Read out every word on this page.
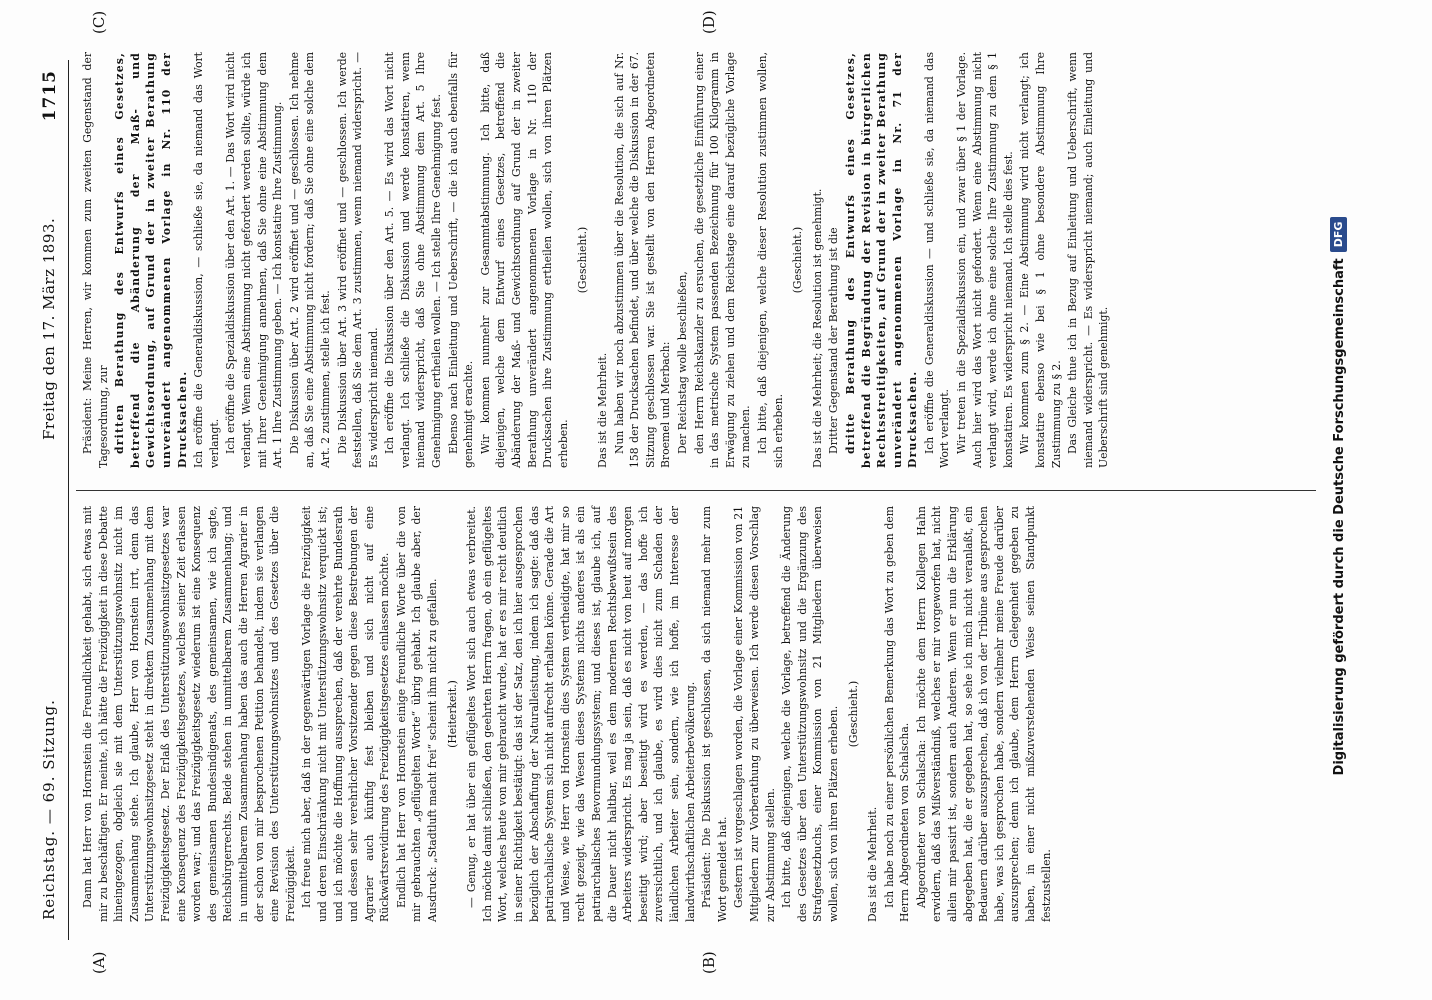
Reichstag. — 69. Sitzung.
Freitag den 17. März 1893.
1715
(A)	(B)
(C)	(D)

Dann hat Herr von Hornstein die Freundlichkeit gehabt, sich etwas mit mir zu beschäftigen. Er meinte, ich hätte die Freizügigkeit in diese Debatte hineingezogen, obgleich sie mit dem Unterstützungswohnsitz nicht im Zusammenhang stehe. Ich glaube, Herr von Hornstein irrt, denn das Unterstützungswohnsitzgesetz steht in direktem Zusammenhang mit dem Freizügigkeitsgesetz. Der Erlaß des Unterstützungswohnsitzgesetzes war eine Konsequenz des Freizügigkeitsgesetzes, welches seiner Zeit erlassen worden war; und das Freizügigkeitsgesetz wiederum ist eine Konsequenz des gemeinsamen Bundesindigenats, des gemeinsamen, wie ich sagte, Reichsbürgerrechts. Beide stehen in unmittelbarem Zusammenhang; und in unmittelbarem Zusammenhang haben das auch die Herren Agrarier in der schon von mir besprochenen Petition behandelt, indem sie verlangen eine Revision des Unterstützungswohnsitzes und des Gesetzes über die Freizügigkeit. Ich freue mich aber, daß in der gegenwärtigen Vorlage die Freizügigkeit und deren Einschränkung nicht mit Unterstützungswohnsitz verquickt ist; und ich möchte die Hoffnung aussprechen, daß der verehrte Bundesrath und dessen sehr verehrlicher Vorsitzender gegen diese Bestrebungen der Agrarier auch künftig fest bleiben und sich nicht auf eine Rückwärtsrevidirung des Freizügigkeitsgesetzes einlassen möchte. Endlich hat Herr von Hornstein einige freundliche Worte über die von mir gebrauchten „geflügelten Worte“ übrig gehabt. Ich glaube aber, der Ausdruck: „Stadtluft macht frei“ scheint ihm nicht zu gefallen. (Heiterkeit.) — Genug, er hat über ein geflügeltes Wort sich auch etwas verbreitet. Ich möchte damit schließen, den geehrten Herrn fragen, ob ein geflügeltes Wort, welches heute von mir gebraucht wurde, hat er es mir recht deutlich in seiner Richtigkeit bestätigt: das ist der Satz, den ich hier ausgesprochen bezüglich der Abschaffung der Naturalleistung, indem ich sagte: daß das patriarchalische System sich nicht aufrecht erhalten könne. Gerade die Art und Weise, wie Herr von Hornstein dies System vertheidigte, hat mir so recht gezeigt, wie das Wesen dieses Systems nichts anderes ist als ein patriarchalisches Bevormundungssystem; und dieses ist, glaube ich, auf die Dauer nicht haltbar, weil es dem modernen Rechtsbewußtsein des Arbeiters widerspricht. Es mag ja sein, daß es nicht von heut auf morgen beseitigt wird; aber beseitigt wird es werden, — das hoffe ich zuversichtlich, und ich glaube, es wird dies nicht zum Schaden der ländlichen Arbeiter sein, sondern, wie ich hoffe, im Interesse der landwirthschaftlichen Arbeiterbevölkerung. Präsident: Die Diskussion ist geschlossen, da sich niemand mehr zum Wort gemeldet hat. Gestern ist vorgeschlagen worden, die Vorlage einer Kommission von 21 Mitgliedern zur Vorberathung zu überweisen. Ich werde diesen Vorschlag zur Abstimmung stellen. Ich bitte, daß diejenigen, welche die Vorlage, betreffend die Änderung des Gesetzes über den Unterstützungswohnsitz und die Ergänzung des Strafgesetzbuchs, einer Kommission von 21 Mitgliedern überweisen wollen, sich von ihren Plätzen erheben. (Geschieht.)

Das ist die Mehrheit. Ich habe noch zu einer persönlichen Bemerkung das Wort zu geben dem Herrn Abgeordneten von Schalscha. Abgeordneter von Schalscha: Ich möchte dem Herrn Kollegen Hahn erwidern, daß das Mißverständniß, welches er mir vorgeworfen hat, nicht allein mir passirt ist, sondern auch Anderen. Wenn er nun die Erklärung abgegeben hat, die er gegeben hat, so sehe ich mich nicht veranlaßt, ein Bedauern darüber auszusprechen, daß ich von der Tribüne aus gesprochen habe, was ich gesprochen habe, sondern vielmehr meine Freude darüber auszusprechen; denn ich glaube, dem Herrn Gelegenheit gegeben zu haben, in einer nicht mißzuverstehenden Weise seinen Standpunkt festzustellen.

Präsident: Meine Herren, wir kommen zum zweiten Gegenstand der Tagesordnung, zur dritten Berathung des Entwurfs eines Gesetzes, betreffend die Abänderung der Maß- und Gewichtsordnung, auf Grund der in zweiter Berathung unverändert angenommenen Vorlage in Nr. 110 der Drucksachen. Ich eröffne die Generaldiskussion, — schließe sie, da niemand das Wort verlangt. Ich eröffne die Spezialdiskussion über den Art. 1. — Das Wort wird nicht verlangt. Wenn eine Abstimmung nicht gefordert werden sollte, würde ich mit Ihrer Genehmigung annehmen, daß Sie ohne eine Abstimmung dem Art. 1 Ihre Zustimmung geben. — Ich konstatire Ihre Zustimmung. Die Diskussion über Art. 2 wird eröffnet und — geschlossen. Ich nehme an, daß Sie eine Abstimmung nicht fordern; daß Sie ohne eine solche dem Art. 2 zustimmen, stelle ich fest. Die Diskussion über Art. 3 wird eröffnet und — geschlossen. Ich werde feststellen, daß Sie dem Art. 3 zustimmen, wenn niemand widerspricht. — Es widerspricht niemand. Ich eröffne die Diskussion über den Art. 5. — Es wird das Wort nicht verlangt. Ich schließe die Diskussion und werde konstatiren, wenn niemand widerspricht, daß Sie ohne Abstimmung dem Art. 5 Ihre Genehmigung ertheilen wollen. — Ich stelle Ihre Genehmigung fest. Ebenso nach Einleitung und Ueberschrift, — die ich auch ebenfalls für genehmigt erachte. Wir kommen nunmehr zur Gesammtabstimmung. Ich bitte, daß diejenigen, welche dem Entwurf eines Gesetzes, betreffend die Abänderung der Maß- und Gewichtsordnung auf Grund der in zweiter Berathung unverändert angenommenen Vorlage in Nr. 110 der Drucksachen ihre Zustimmung ertheilen wollen, sich von ihren Plätzen erheben.

(Geschieht.)

Das ist die Mehrheit. Nun haben wir noch abzustimmen über die Resolution, die sich auf Nr. 158 der Drucksachen befindet, und über welche die Diskussion in der 67. Sitzung geschlossen war. Sie ist gestellt von den Herren Abgeordneten Broemel und Merbach: Der Reichstag wolle beschließen, den Herrn Reichskanzler zu ersuchen, die gesetzliche Einführung einer in das metrische System passenden Bezeichnung für 100 Kilogramm in Erwägung zu ziehen und dem Reichstage eine darauf bezügliche Vorlage zu machen. Ich bitte, daß diejenigen, welche dieser Resolution zustimmen wollen, sich erheben.

(Geschieht.) Das ist die Mehrheit; die Resolution ist genehmigt. Dritter Gegenstand der Berathung ist die dritte Berathung des Entwurfs eines Gesetzes, betreffend die Begründung der Revision in bürgerlichen Rechtsstreitigkeiten, auf Grund der in zweiter Berathung unverändert angenommenen Vorlage in Nr. 71 der Drucksachen. Ich eröffne die Generaldiskussion — und schließe sie, da niemand das Wort verlangt. Wir treten in die Spezialdiskussion ein, und zwar über § 1 der Vorlage. Auch hier wird das Wort nicht gefordert. Wenn eine Abstimmung nicht verlangt wird, werde ich ohne eine solche Ihre Zustimmung zu dem § 1 konstatiren. Es widerspricht niemand. Ich stelle dies fest. Wir kommen zum § 2. — Eine Abstimmung wird nicht verlangt; ich konstatire ebenso wie bei § 1 ohne besondere Abstimmung Ihre Zustimmung zu § 2. Das Gleiche thue ich in Bezug auf Einleitung und Ueberschrift, wenn niemand widerspricht. — Es widerspricht niemand; auch Einleitung und Ueberschrift sind genehmigt.	Digitalisierung gefördert durch die Deutsche ForschungsgemeinschaftDFG
